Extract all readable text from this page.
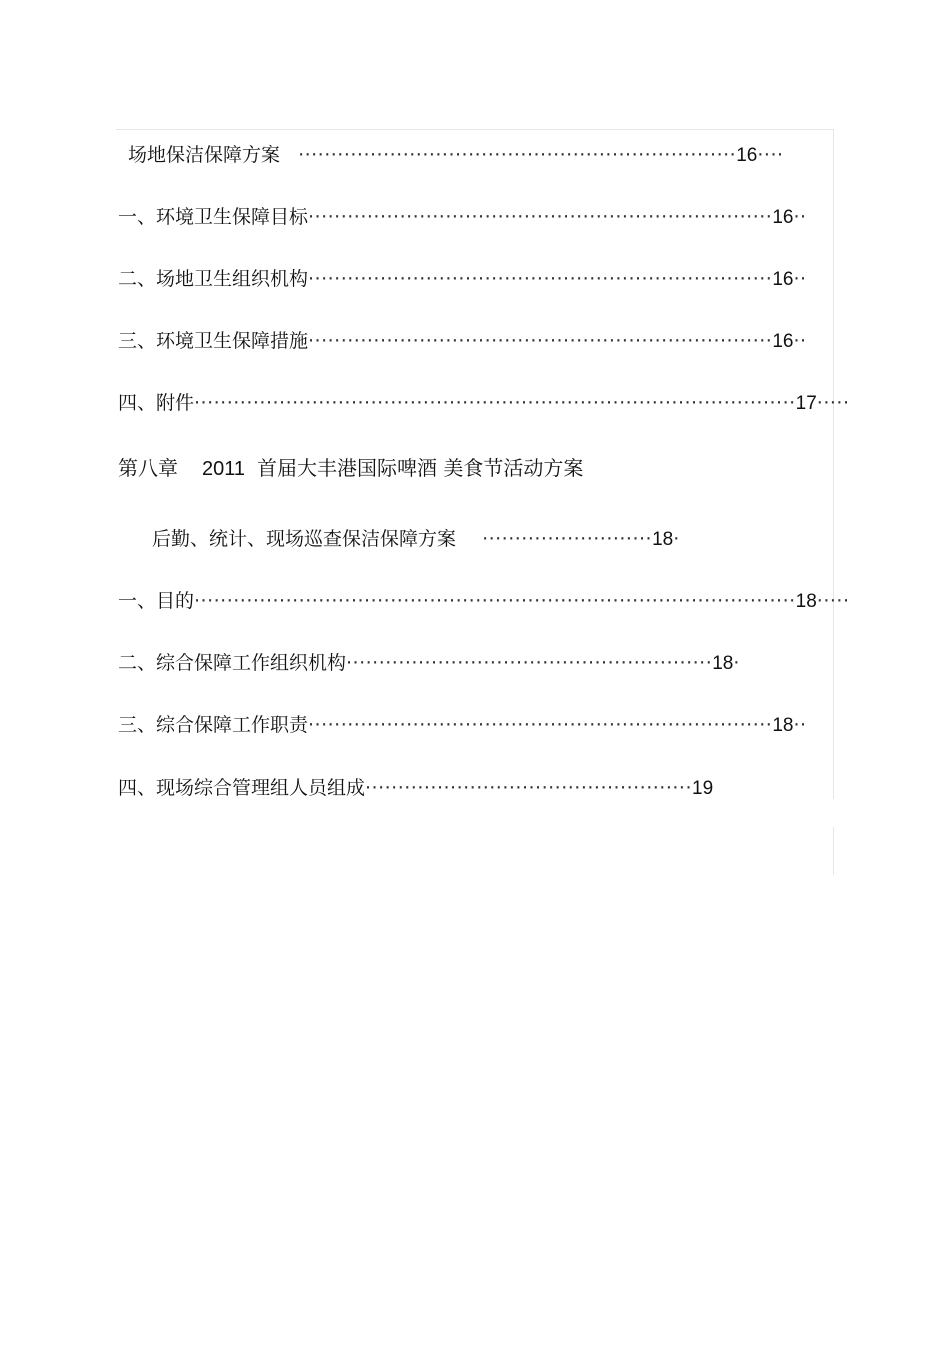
场地保洁保障方案 ···································································16····
一、环境卫生保障目标·······································································16··
二、场地卫生组织机构·······································································16··
三、环境卫生保障措施·······································································16··
四、附件····························································································17·····
第八章 2011 首届大丰港国际啤酒 美食节活动方案
后勤、统计、现场巡查保洁保障方案 ··························18·
一、目的····························································································18·····
二、综合保障工作组织机构························································18·
三、综合保障工作职责·······································································18··
四、现场综合管理组人员组成··················································19
